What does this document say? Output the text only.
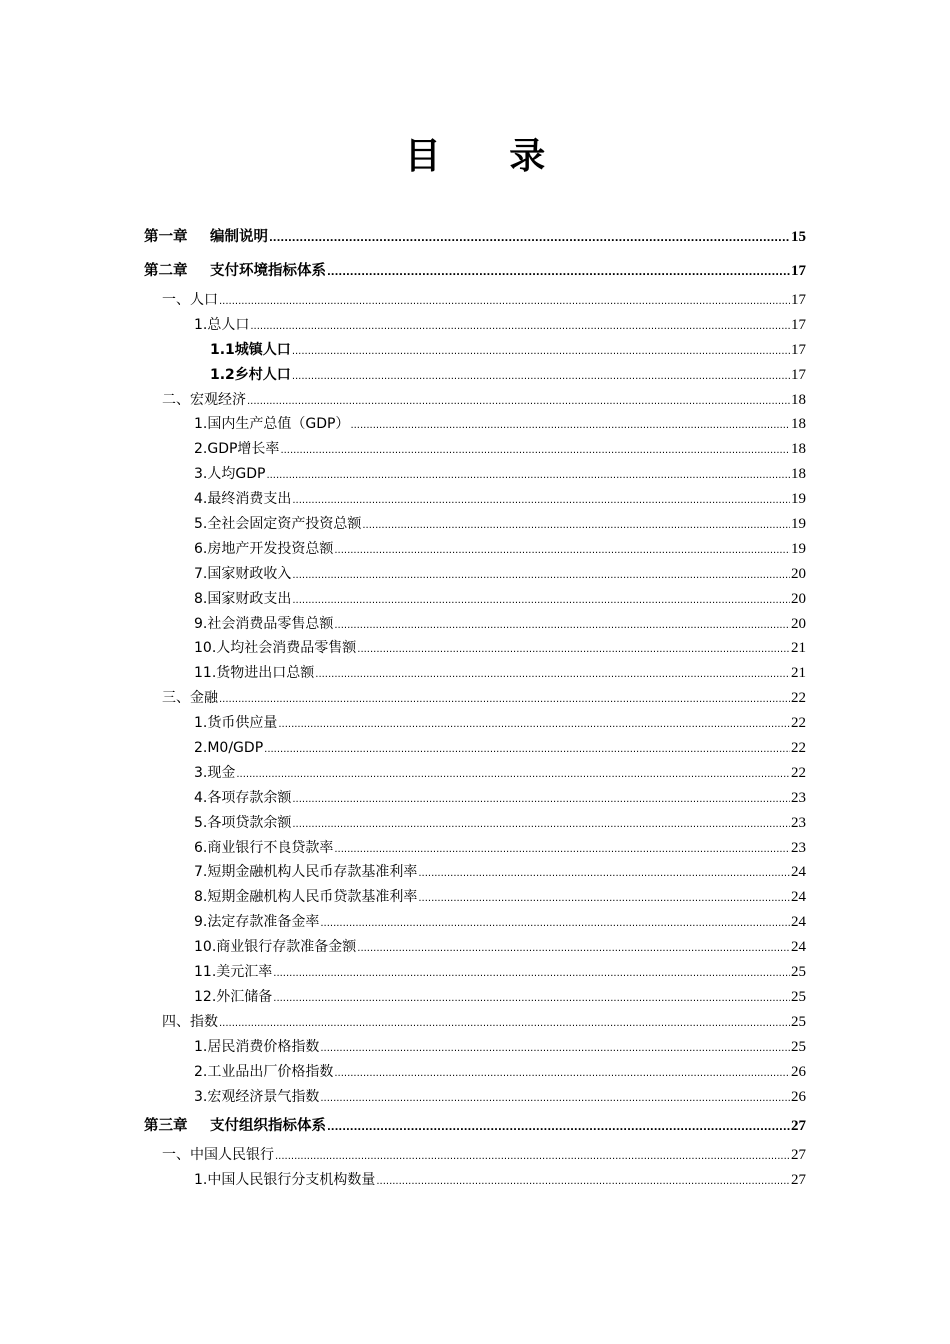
目 录
第一章 编制说明 .....	15
第二章 支付环境指标体系 .....	17
一、人口 .....	17
1.总人口 .....	17
1.1城镇人口 .....	17
1.2乡村人口 .....	17
二、宏观经济 .....	18
1.国内生产总值（GDP） .....	18
2.GDP增长率 .....	18
3.人均GDP .....	18
4.最终消费支出 .....	19
5.全社会固定资产投资总额 .....	19
6.房地产开发投资总额 .....	19
7.国家财政收入 .....	20
8.国家财政支出 .....	20
9.社会消费品零售总额 .....	20
10.人均社会消费品零售额 .....	21
11.货物进出口总额 .....	21
三、金融 .....	22
1.货币供应量 .....	22
2.M0/GDP .....	22
3.现金 .....	22
4.各项存款余额 .....	23
5.各项贷款余额 .....	23
6.商业银行不良贷款率 .....	23
7.短期金融机构人民币存款基准利率 .....	24
8.短期金融机构人民币贷款基准利率 .....	24
9.法定存款准备金率 .....	24
10.商业银行存款准备金额 .....	24
11.美元汇率 .....	25
12.外汇储备 .....	25
四、指数 .....	25
1.居民消费价格指数 .....	25
2.工业品出厂价格指数 .....	26
3.宏观经济景气指数 .....	26
第三章 支付组织指标体系 .....	27
一、中国人民银行 .....	27
1.中国人民银行分支机构数量 .....	27
